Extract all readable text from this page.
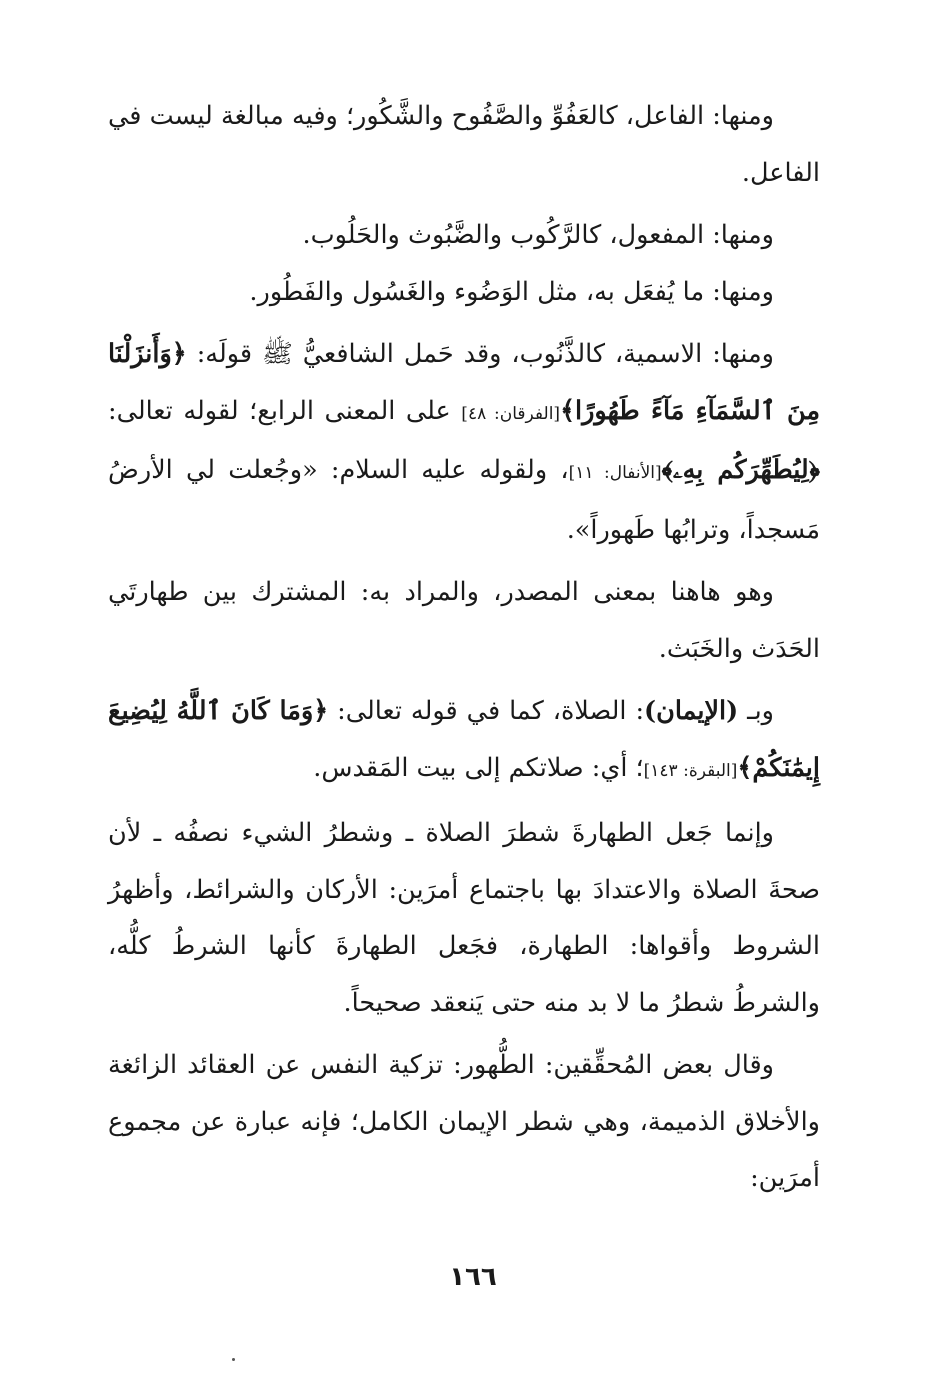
ومنها: الفاعل، كالعَفُوِّ والصَّفُوح والشَّكُور؛ وفيه مبالغة ليست في الفاعل.

ومنها: المفعول، كالرَّكُوب والضَّبُوث والحَلُوب.

ومنها: ما يُفعَل به، مثل الوَضُوء والغَسُول والفَطُور.

ومنها: الاسمية، كالذَّنُوب، وقد حَمل الشافعيُّ ﷺ قولَه: ﴿وَأَنزَلْنَا مِنَ ٱلسَّمَآءِ مَآءً طَهُورًا﴾[الفرقان: ٤٨] على المعنى الرابع؛ لقوله تعالى: ﴿لِيُطَهِّرَكُم بِهِۦ﴾[الأنفال: ١١]، ولقوله عليه السلام: «وجُعلت لي الأرضُ مَسجداً، وترابُها طَهوراً».

وهو هاهنا بمعنى المصدر، والمراد به: المشترك بين طهارتَي الحَدَث والخَبَث.

وبـ (الإيمان): الصلاة، كما في قوله تعالى: ﴿وَمَا كَانَ ٱللَّهُ لِيُضِيعَ إِيمَٰنَكُمْ﴾[البقرة: ١٤٣]؛ أي: صلاتكم إلى بيت المَقدس.

وإنما جَعل الطهارةَ شطرَ الصلاة ـ وشطرُ الشيء نصفُه ـ لأن صحةَ الصلاة والاعتدادَ بها باجتماع أمرَين: الأركان والشرائط، وأظهرُ الشروط وأقواها: الطهارة، فجَعل الطهارةَ كأنها الشرطُ كلُّه، والشرطُ شطرُ ما لا بد منه حتى يَنعقد صحيحاً.

وقال بعض المُحقِّقين: الطُّهور: تزكية النفس عن العقائد الزائغة والأخلاق الذميمة، وهي شطر الإيمان الكامل؛ فإنه عبارة عن مجموع أمرَين:

١٦٦
